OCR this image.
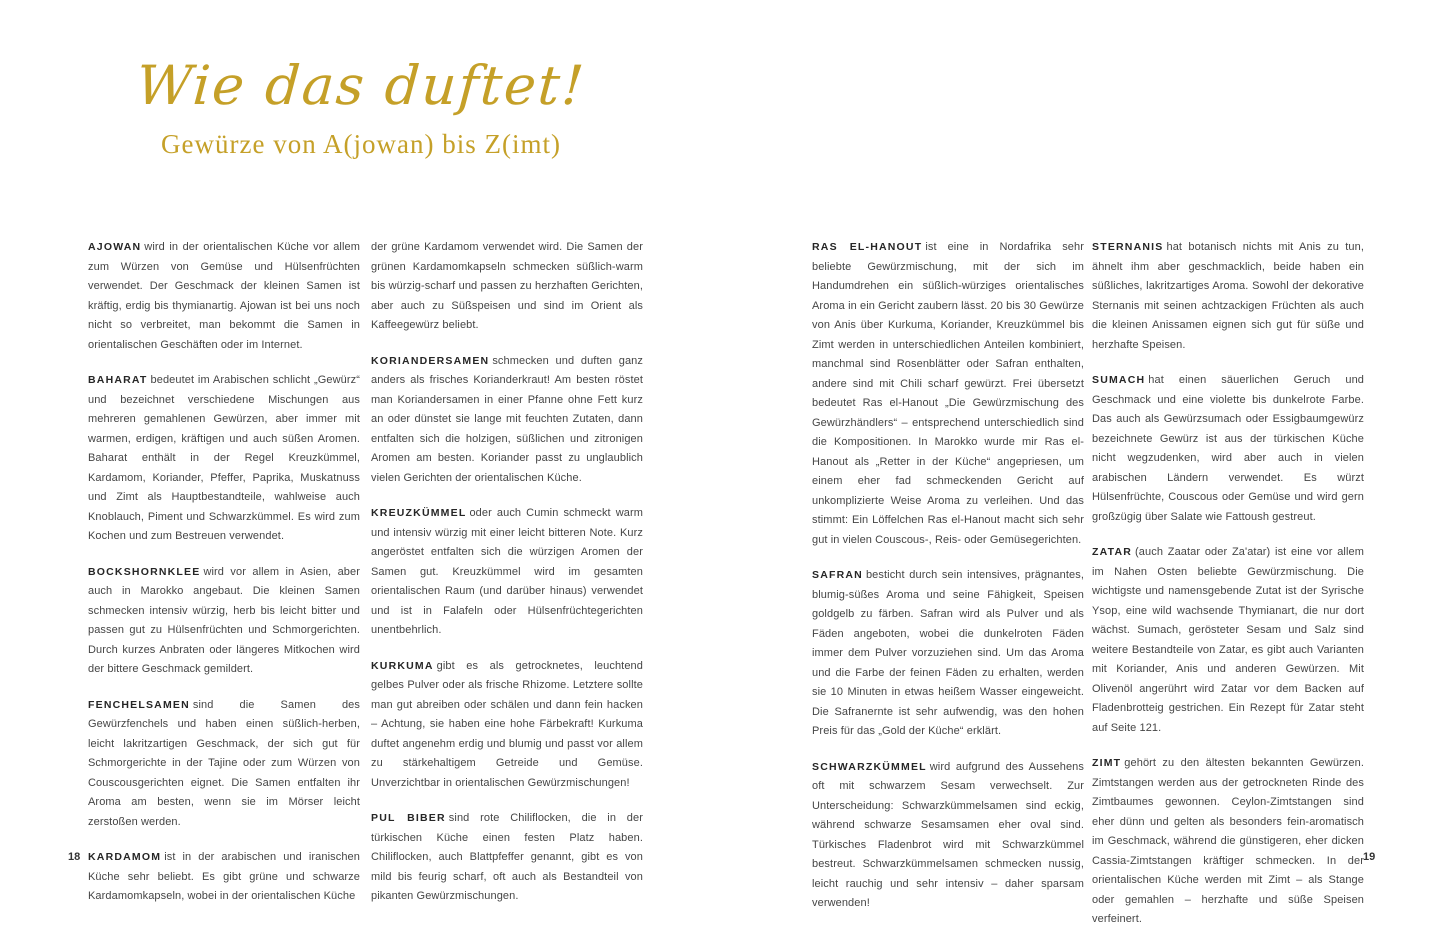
Wie das duftet!
Gewürze von A(jowan) bis Z(imt)

AJOWAN wird in der orientalischen Küche vor allem zum Würzen von Gemüse und Hülsenfrüchten verwendet. Der Geschmack der kleinen Samen ist kräftig, erdig bis thymianartig. Ajowan ist bei uns noch nicht so verbreitet, man bekommt die Samen in orientalischen Geschäften oder im Internet.

BAHARAT bedeutet im Arabischen schlicht „Gewürz“ und bezeichnet verschiedene Mischungen aus mehreren gemahlenen Gewürzen, aber immer mit warmen, erdigen, kräftigen und auch süßen Aromen. Baharat enthält in der Regel Kreuzkümmel, Kardamom, Koriander, Pfeffer, Paprika, Muskatnuss und Zimt als Hauptbestandteile, wahlweise auch Knoblauch, Piment und Schwarzkümmel. Es wird zum Kochen und zum Bestreuen verwendet.

BOCKSHORNKLEE wird vor allem in Asien, aber auch in Marokko angebaut. Die kleinen Samen schmecken intensiv würzig, herb bis leicht bitter und passen gut zu Hülsenfrüchten und Schmorgerichten. Durch kurzes Anbraten oder längeres Mitkochen wird der bittere Geschmack gemildert.

FENCHELSAMEN sind die Samen des Gewürzfenchels und haben einen süßlich-herben, leicht lakritzartigen Geschmack, der sich gut für Schmorgerichte in der Tajine oder zum Würzen von Couscousgerichten eignet. Die Samen entfalten ihr Aroma am besten, wenn sie im Mörser leicht zerstoßen werden.

KARDAMOM ist in der arabischen und iranischen Küche sehr beliebt. Es gibt grüne und schwarze Kardamomkapseln, wobei in der orientalischen Küche

der grüne Kardamom verwendet wird. Die Samen der grünen Kardamomkapseln schmecken süßlich-warm bis würzig-scharf und passen zu herzhaften Gerichten, aber auch zu Süßspeisen und sind im Orient als Kaffeegewürz beliebt.

KORIANDERSAMEN schmecken und duften ganz anders als frisches Korianderkraut! Am besten röstet man Koriandersamen in einer Pfanne ohne Fett kurz an oder dünstet sie lange mit feuchten Zutaten, dann entfalten sich die holzigen, süßlichen und zitronigen Aromen am besten. Koriander passt zu unglaublich vielen Gerichten der orientalischen Küche.

KREUZKÜMMEL oder auch Cumin schmeckt warm und intensiv würzig mit einer leicht bitteren Note. Kurz angeröstet entfalten sich die würzigen Aromen der Samen gut. Kreuzkümmel wird im gesamten orientalischen Raum (und darüber hinaus) verwendet und ist in Falafeln oder Hülsenfrüchtegerichten unentbehrlich.

KURKUMA gibt es als getrocknetes, leuchtend gelbes Pulver oder als frische Rhizome. Letztere sollte man gut abreiben oder schälen und dann fein hacken – Achtung, sie haben eine hohe Färbekraft! Kurkuma duftet angenehm erdig und blumig und passt vor allem zu stärkehaltigem Getreide und Gemüse. Unverzichtbar in orientalischen Gewürzmischungen!

PUL BIBER sind rote Chiliflocken, die in der türkischen Küche einen festen Platz haben. Chiliflocken, auch Blattpfeffer genannt, gibt es von mild bis feurig scharf, oft auch als Bestandteil von pikanten Gewürzmischungen.

RAS EL-HANOUT ist eine in Nordafrika sehr beliebte Gewürzmischung, mit der sich im Handumdrehen ein süßlich-würziges orientalisches Aroma in ein Gericht zaubern lässt. 20 bis 30 Gewürze von Anis über Kurkuma, Koriander, Kreuzkümmel bis Zimt werden in unterschiedlichen Anteilen kombiniert, manchmal sind Rosenblätter oder Safran enthalten, andere sind mit Chili scharf gewürzt. Frei übersetzt bedeutet Ras el-Hanout „Die Gewürzmischung des Gewürzhändlers“ – entsprechend unterschiedlich sind die Kompositionen. In Marokko wurde mir Ras el-Hanout als „Retter in der Küche“ angepriesen, um einem eher fad schmeckenden Gericht auf unkomplizierte Weise Aroma zu verleihen. Und das stimmt: Ein Löffelchen Ras el-Hanout macht sich sehr gut in vielen Couscous-, Reis- oder Gemüsegerichten.

SAFRAN besticht durch sein intensives, prägnantes, blumig-süßes Aroma und seine Fähigkeit, Speisen goldgelb zu färben. Safran wird als Pulver und als Fäden angeboten, wobei die dunkelroten Fäden immer dem Pulver vorzuziehen sind. Um das Aroma und die Farbe der feinen Fäden zu erhalten, werden sie 10 Minuten in etwas heißem Wasser eingeweicht. Die Safranernte ist sehr aufwendig, was den hohen Preis für das „Gold der Küche“ erklärt.

SCHWARZKÜMMEL wird aufgrund des Aussehens oft mit schwarzem Sesam verwechselt. Zur Unterscheidung: Schwarzkümmelsamen sind eckig, während schwarze Sesamsamen eher oval sind. Türkisches Fladenbrot wird mit Schwarzkümmel bestreut. Schwarzkümmelsamen schmecken nussig, leicht rauchig und sehr intensiv – daher sparsam verwenden!

STERNANIS hat botanisch nichts mit Anis zu tun, ähnelt ihm aber geschmacklich, beide haben ein süßliches, lakritzartiges Aroma. Sowohl der dekorative Sternanis mit seinen achtzackigen Früchten als auch die kleinen Anissamen eignen sich gut für süße und herzhafte Speisen.

SUMACH hat einen säuerlichen Geruch und Geschmack und eine violette bis dunkelrote Farbe. Das auch als Gewürzsumach oder Essigbaumgewürz bezeichnete Gewürz ist aus der türkischen Küche nicht wegzudenken, wird aber auch in vielen arabischen Ländern verwendet. Es würzt Hülsenfrüchte, Couscous oder Gemüse und wird gern großzügig über Salate wie Fattoush gestreut.

ZATAR (auch Zaatar oder Za'atar) ist eine vor allem im Nahen Osten beliebte Gewürzmischung. Die wichtigste und namensgebende Zutat ist der Syrische Ysop, eine wild wachsende Thymianart, die nur dort wächst. Sumach, gerösteter Sesam und Salz sind weitere Bestandteile von Zatar, es gibt auch Varianten mit Koriander, Anis und anderen Gewürzen. Mit Olivenöl angerührt wird Zatar vor dem Backen auf Fladenbrotteig gestrichen. Ein Rezept für Zatar steht auf Seite 121.

ZIMT gehört zu den ältesten bekannten Gewürzen. Zimtstangen werden aus der getrockneten Rinde des Zimtbaumes gewonnen. Ceylon-Zimtstangen sind eher dünn und gelten als besonders fein-aromatisch im Geschmack, während die günstigeren, eher dicken Cassia-Zimtstangen kräftiger schmecken. In der orientalischen Küche werden mit Zimt – als Stange oder gemahlen – herzhafte und süße Speisen verfeinert.

18	19
